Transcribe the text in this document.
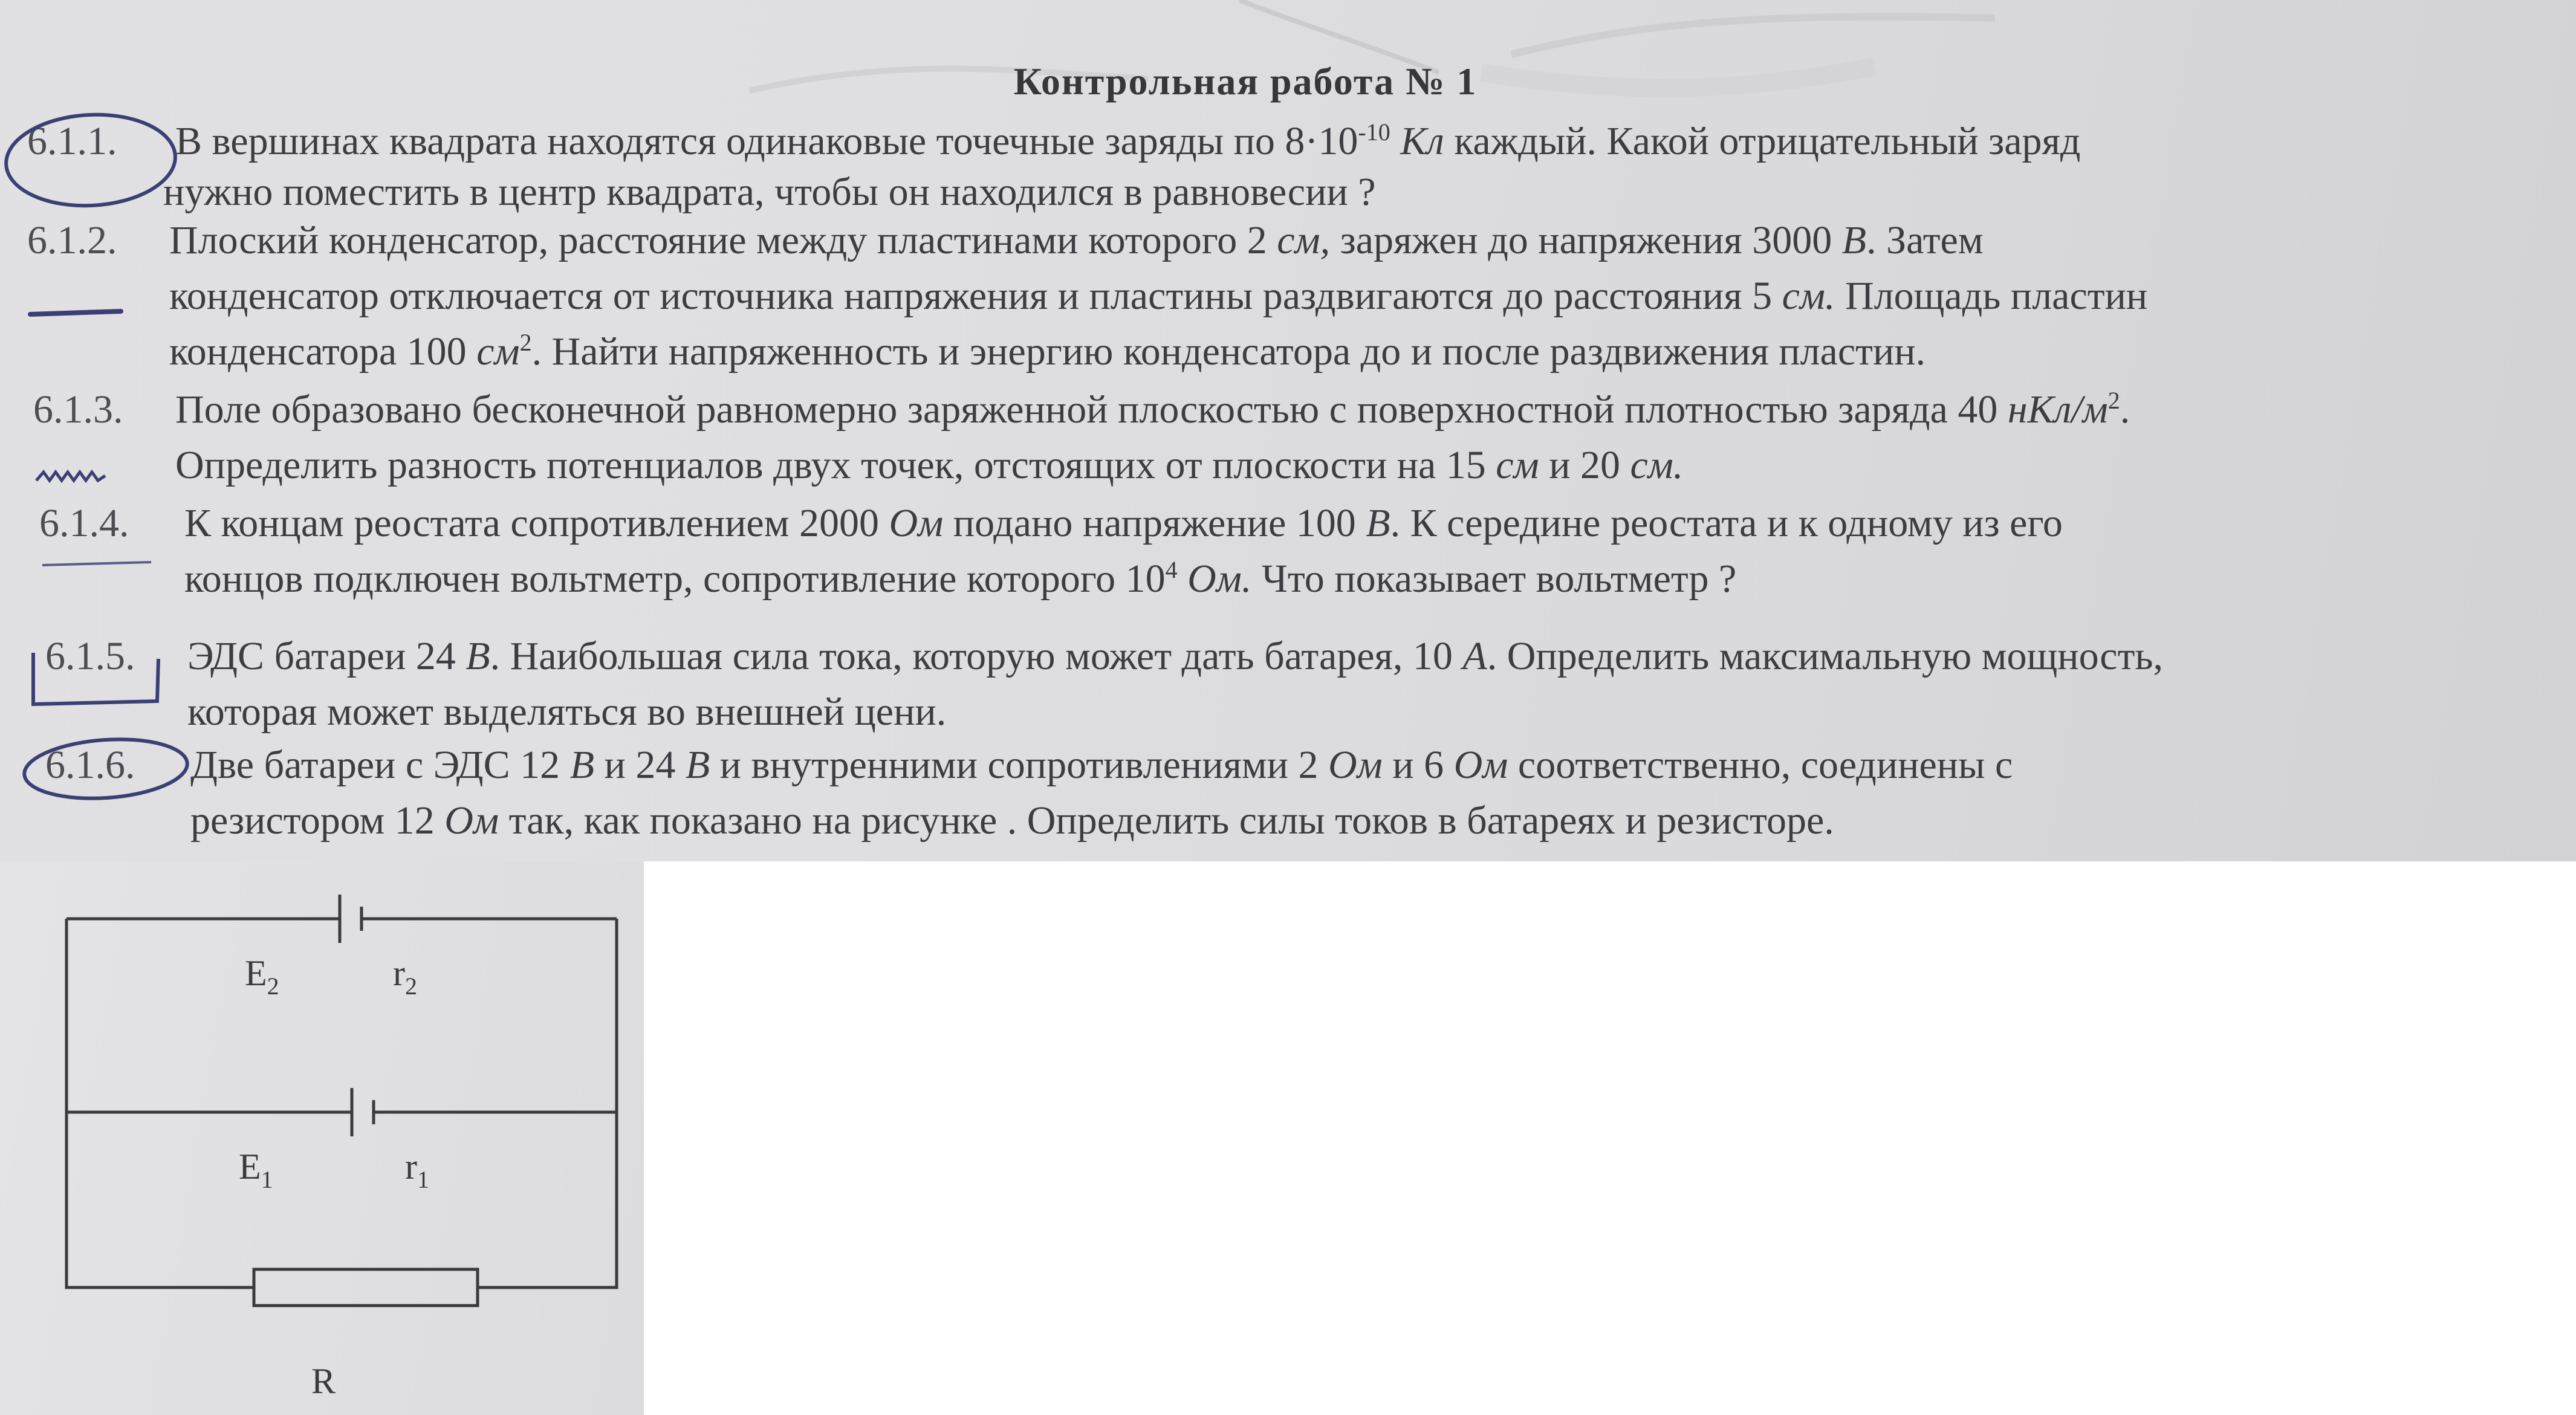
Контрольная работа № 1
6.1.1. В вершинах квадрата находятся одинаковые точечные заряды по $8\cdot 10^{-10}$ Кл каждый. Какой отрицательный заряд
нужно поместить в центр квадрата, чтобы он находился в равновесии ?
6.1.2. Плоский конденсатор, расстояние между пластинами которого 2 см, заряжен до напряжения 3000 В. Затем
конденсатор отключается от источника напряжения и пластины раздвигаются до расстояния 5 см. Площадь пластин
конденсатора 100 $см^2$. Найти напряженность и энергию конденсатора до и после раздвижения пластин.
6.1.3. Поле образовано бесконечной равномерно заряженной плоскостью с поверхностной плотностью заряда 40 нКл/$м^2$.
Определить разность потенциалов двух точек, отстоящих от плоскости на 15 см и 20 см.
6.1.4. К концам реостата сопротивлением 2000 Ом подано напряжение 100 В. К середине реостата и к одному из его
концов подключен вольтметр, сопротивление которого $10^4$ Ом. Что показывает вольтметр ?
6.1.5. ЭДС батареи 24 В. Наибольшая сила тока, которую может дать батарея, 10 А. Определить максимальную мощность,
которая может выделяться во внешней цени.
6.1.6. Две батареи с ЭДС 12 В и 24 В и внутренними сопротивлениями 2 Ом и 6 Ом соответственно, соединены с
резистором 12 Ом так, как показано на рисунке . Определить силы токов в батареях и резисторе.
$E_2$	$r_2$
$E_1$	$r_1$
R
